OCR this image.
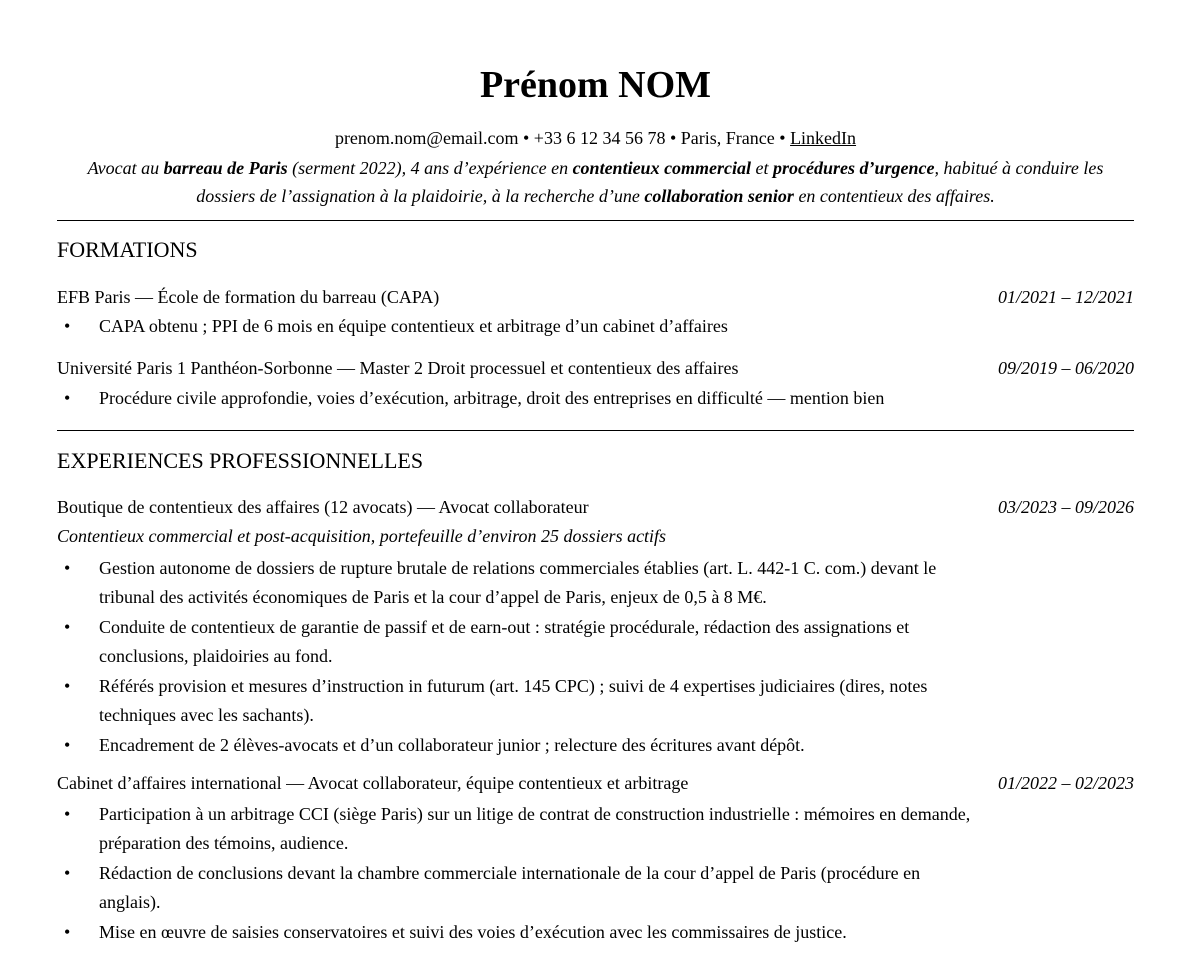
Prénom NOM
prenom.nom@email.com • +33 6 12 34 56 78 • Paris, France • LinkedIn
Avocat au barreau de Paris (serment 2022), 4 ans d’expérience en contentieux commercial et procédures d’urgence, habitué à conduire les dossiers de l’assignation à la plaidoirie, à la recherche d’une collaboration senior en contentieux des affaires.
FORMATIONS
EFB Paris — École de formation du barreau (CAPA)	01/2021 – 12/2021
• CAPA obtenu ; PPI de 6 mois en équipe contentieux et arbitrage d’un cabinet d’affaires
Université Paris 1 Panthéon-Sorbonne — Master 2 Droit processuel et contentieux des affaires	09/2019 – 06/2020
• Procédure civile approfondie, voies d’exécution, arbitrage, droit des entreprises en difficulté — mention bien
EXPERIENCES PROFESSIONNELLES
Boutique de contentieux des affaires (12 avocats) — Avocat collaborateur	03/2023 – 09/2026
Contentieux commercial et post-acquisition, portefeuille d’environ 25 dossiers actifs
• Gestion autonome de dossiers de rupture brutale de relations commerciales établies (art. L. 442-1 C. com.) devant le tribunal des activités économiques de Paris et la cour d’appel de Paris, enjeux de 0,5 à 8 M€.
• Conduite de contentieux de garantie de passif et de earn-out : stratégie procédurale, rédaction des assignations et conclusions, plaidoiries au fond.
• Référés provision et mesures d’instruction in futurum (art. 145 CPC) ; suivi de 4 expertises judiciaires (dires, notes techniques avec les sachants).
• Encadrement de 2 élèves-avocats et d’un collaborateur junior ; relecture des écritures avant dépôt.
Cabinet d’affaires international — Avocat collaborateur, équipe contentieux et arbitrage	01/2022 – 02/2023
• Participation à un arbitrage CCI (siège Paris) sur un litige de contrat de construction industrielle : mémoires en demande, préparation des témoins, audience.
• Rédaction de conclusions devant la chambre commerciale internationale de la cour d’appel de Paris (procédure en anglais).
• Mise en œuvre de saisies conservatoires et suivi des voies d’exécution avec les commissaires de justice.
